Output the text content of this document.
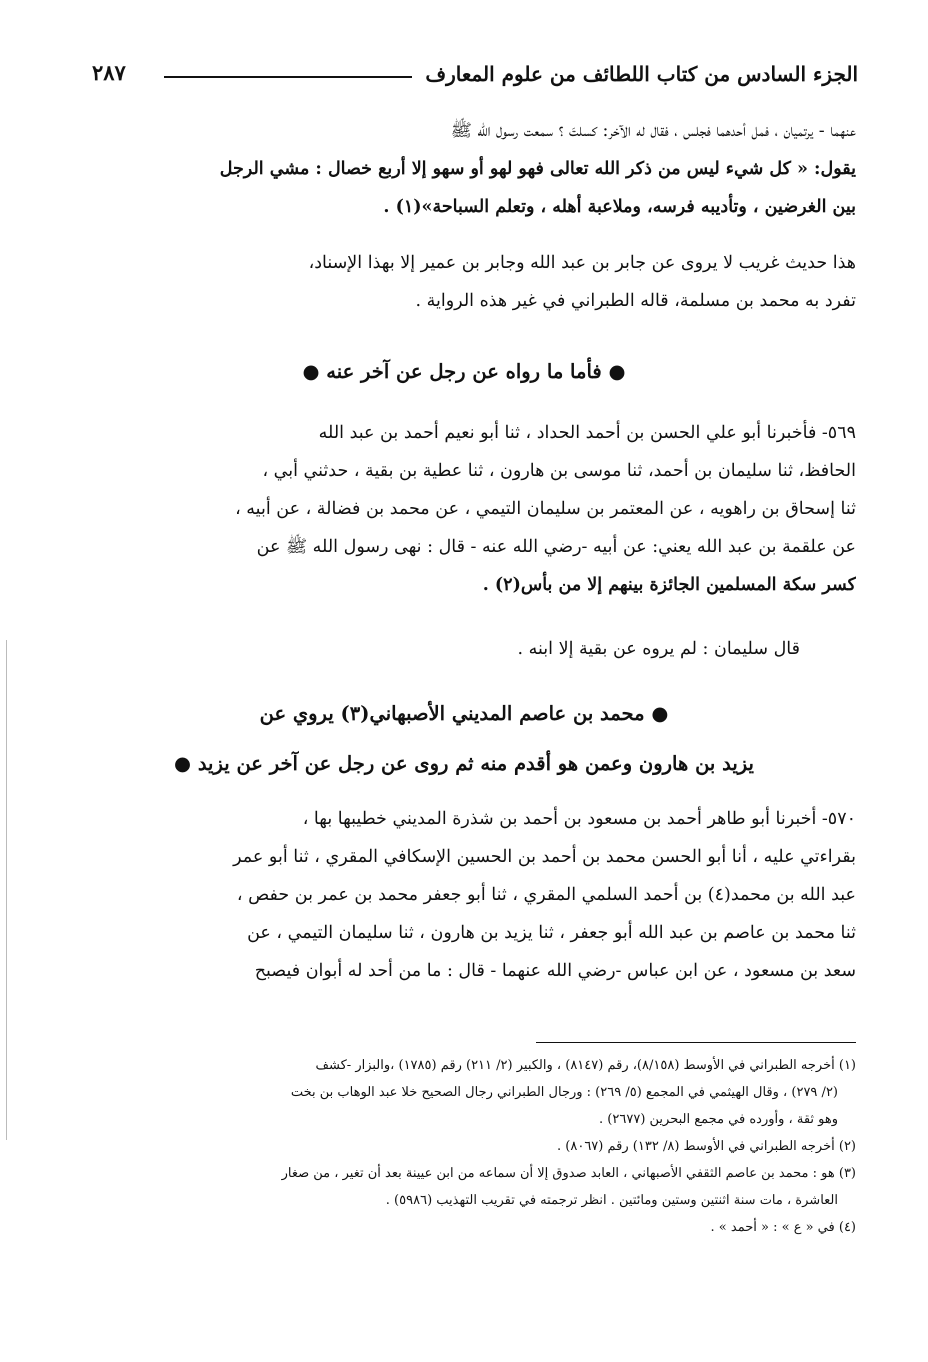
الجزء السادس من كتاب اللطائف من علوم المعارف
٢٨٧
عنهما - يرتميان ، فمل أحدهما فجلس ، فقال له الآخر: كسلتَ ؟ سمعت رسول الله ﷺ
يقول: « كل شيء ليس من ذكر الله تعالى فهو لهو أو سهو إلا أربع خصال : مشي الرجل
بين الغرضين ، وتأديبه فرسه، وملاعبة أهله ، وتعلم السباحة»(١) .
هذا حديث غريب لا يروى عن جابر بن عبد الله وجابر بن عمير إلا بهذا الإسناد،
تفرد به محمد بن مسلمة، قاله الطبراني في غير هذه الرواية .
● فأما ما رواه عن رجل عن آخر عنه ●
٥٦٩- فأخبرنا أبو علي الحسن بن أحمد الحداد ، ثنا أبو نعيم أحمد بن عبد الله
الحافظ، ثنا سليمان بن أحمد، ثنا موسى بن هارون ، ثنا عطية بن بقية ، حدثني أبي ،
ثنا إسحاق بن راهويه ، عن المعتمر بن سليمان التيمي ، عن محمد بن فضالة ، عن أبيه ،
عن علقمة بن عبد الله يعني: عن أبيه -رضي الله عنه - قال : نهى رسول الله ﷺ عن
كسر سكة المسلمين الجائزة بينهم إلا من بأس(٢) .
قال سليمان : لم يروه عن بقية إلا ابنه .
● محمد بن عاصم المديني الأصبهاني(٣) يروي عن
يزيد بن هارون وعمن هو أقدم منه ثم روى عن رجل عن آخر عن يزيد ●
٥٧٠- أخبرنا أبو طاهر أحمد بن مسعود بن أحمد بن شذرة المديني خطيبها بها ،
بقراءتي عليه ، أنا أبو الحسن محمد بن أحمد بن الحسين الإسكافي المقري ، ثنا أبو عمر
عبد الله بن محمد(٤) بن أحمد السلمي المقري ، ثنا أبو جعفر محمد بن عمر بن حفص ،
ثنا محمد بن عاصم بن عبد الله أبو جعفر ، ثنا يزيد بن هارون ، ثنا سليمان التيمي ، عن
سعد بن مسعود ، عن ابن عباس -رضي الله عنهما - قال : ما من أحد له أبوان فيصبح
(١) أخرجه الطبراني في الأوسط (٨/١٥٨)، رقم (٨١٤٧) ، والكبير (٢/ ٢١١) رقم (١٧٨٥) ،والبزار -كشف
(٢/ ٢٧٩) ، وقال الهيثمي في المجمع (٥/ ٢٦٩) : ورجال الطبراني رجال الصحيح خلا عبد الوهاب بن بخت
وهو ثقة ، وأورده في مجمع البحرين (٢٦٧٧) .
(٢) أخرجه الطبراني في الأوسط (٨/ ١٣٢) رقم (٨٠٦٧) .
(٣) هو : محمد بن عاصم الثقفي الأصبهاني ، العابد صدوق إلا أن سماعه من ابن عيينة بعد أن تغير ، من صغار
العاشرة ، مات سنة اثنتين وستين ومائتين . انظر ترجمته في تقريب التهذيب (٥٩٨٦) .
(٤) في « ع » : « أحمد » .
